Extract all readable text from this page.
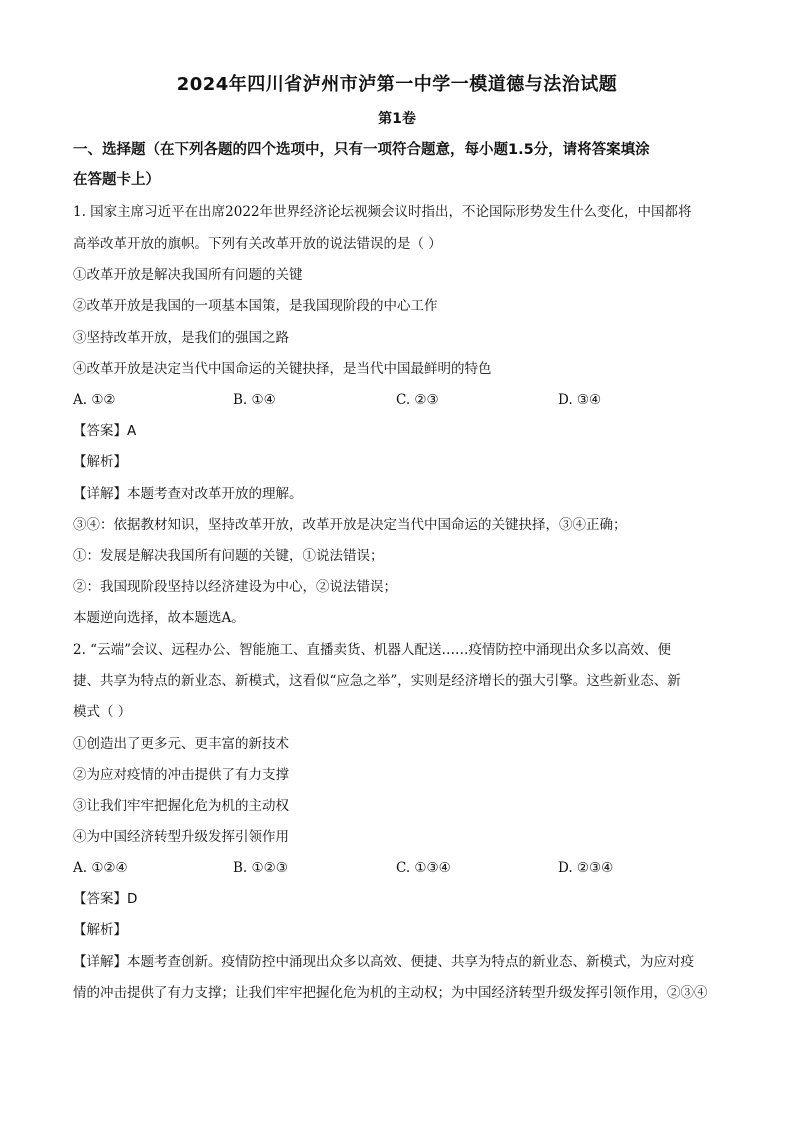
2024年四川省泸州市泸第一中学一模道德与法治试题
第1卷
一、选择题（在下列各题的四个选项中，只有一项符合题意，每小题1.5分，请将答案填涂
在答题卡上）
1. 国家主席习近平在出席2022年世界经济论坛视频会议时指出，不论国际形势发生什么变化，中国都将
高举改革开放的旗帜。下列有关改革开放的说法错误的是（ ）
①改革开放是解决我国所有问题的关键
②改革开放是我国的一项基本国策，是我国现阶段的中心工作
③坚持改革开放，是我们的强国之路
④改革开放是决定当代中国命运的关键抉择，是当代中国最鲜明的特色
A. ①②	B. ①④	C. ②③	D. ③④
【答案】A
【解析】
【详解】本题考查对改革开放的理解。
③④：依据教材知识，坚持改革开放，改革开放是决定当代中国命运的关键抉择，③④正确；
①：发展是解决我国所有问题的关键，①说法错误；
②：我国现阶段坚持以经济建设为中心，②说法错误；
本题逆向选择，故本题选A。
2. “云端”会议、远程办公、智能施工、直播卖货、机器人配送……疫情防控中涌现出众多以高效、便
捷、共享为特点的新业态、新模式，这看似“应急之举”，实则是经济增长的强大引擎。这些新业态、新
模式（ ）
①创造出了更多元、更丰富的新技术
②为应对疫情的冲击提供了有力支撑
③让我们牢牢把握化危为机的主动权
④为中国经济转型升级发挥引领作用
A. ①②④	B. ①②③	C. ①③④	D. ②③④
【答案】D
【解析】
【详解】本题考查创新。疫情防控中涌现出众多以高效、便捷、共享为特点的新业态、新模式，为应对疫
情的冲击提供了有力支撑；让我们牢牢把握化危为机的主动权；为中国经济转型升级发挥引领作用，②③④
